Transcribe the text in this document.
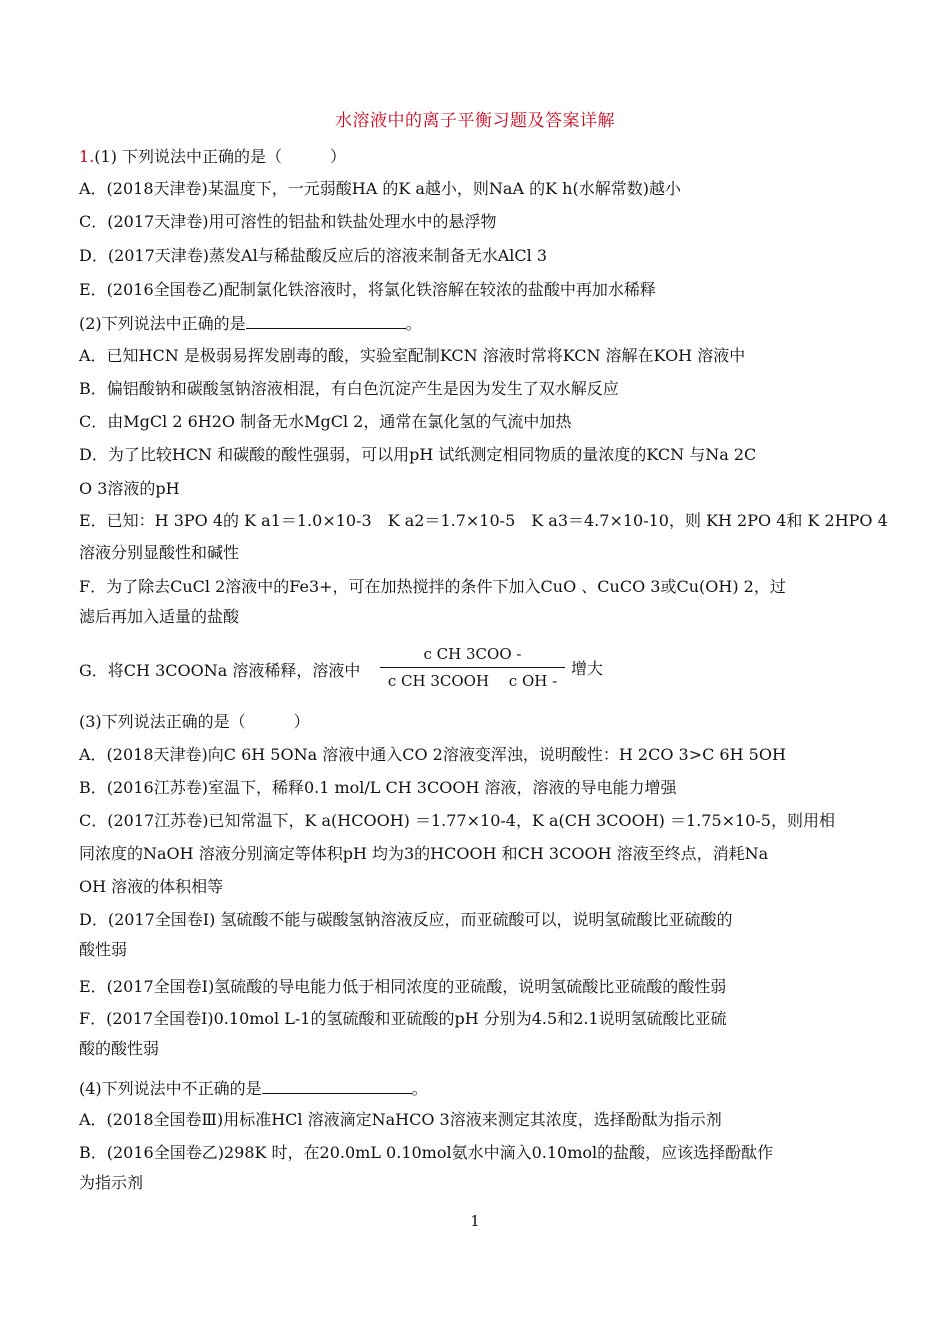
水溶液中的离子平衡习题及答案详解
1.(1) 下列说法中正确的是（　　　）
A．(2018天津卷)某温度下，一元弱酸HA 的K a越小，则NaA 的K h(水解常数)越小
C．(2017天津卷)用可溶性的铝盐和铁盐处理水中的悬浮物
D．(2017天津卷)蒸发Al与稀盐酸反应后的溶液来制备无水AlCl 3
E．(2016全国卷乙)配制氯化铁溶液时，将氯化铁溶解在较浓的盐酸中再加水稀释
(2)下列说法中正确的是	。
A．已知HCN 是极弱易挥发剧毒的酸，实验室配制KCN 溶液时常将KCN 溶解在KOH 溶液中
B．偏铝酸钠和碳酸氢钠溶液相混，有白色沉淀产生是因为发生了双水解反应
C．由MgCl 2 6H2O 制备无水MgCl 2，通常在氯化氢的气流中加热
D．为了比较HCN 和碳酸的酸性强弱，可以用pH 试纸测定相同物质的量浓度的KCN 与Na 2C
O 3溶液的pH
E．已知：H 3PO 4的 K a1＝1.0×10-3　K a2＝1.7×10-5　K a3＝4.7×10-10，则 KH 2PO 4和 K 2HPO 4
溶液分别显酸性和碱性
F．为了除去CuCl 2溶液中的Fe3+，可在加热搅拌的条件下加入CuO 、CuCO 3或Cu(OH) 2，过
滤后再加入适量的盐酸
G．将CH 3COONa 溶液稀释，溶液中
c CH 3COO -
c CH 3COOH　 c OH -
增大
(3)下列说法正确的是（　　　）
A．(2018天津卷)向C 6H 5ONa 溶液中通入CO 2溶液变浑浊，说明酸性：H 2CO 3>C 6H 5OH
B．(2016江苏卷)室温下，稀释0.1 mol/L CH 3COOH 溶液，溶液的导电能力增强
C．(2017江苏卷)已知常温下，K a(HCOOH) ＝1.77×10-4，K a(CH 3COOH) ＝1.75×10-5，则用相
同浓度的NaOH 溶液分别滴定等体积pH 均为3的HCOOH 和CH 3COOH 溶液至终点，消耗Na
OH 溶液的体积相等
D．(2017全国卷Ⅰ) 氢硫酸不能与碳酸氢钠溶液反应，而亚硫酸可以，说明氢硫酸比亚硫酸的
酸性弱
E．(2017全国卷Ⅰ)氢硫酸的导电能力低于相同浓度的亚硫酸，说明氢硫酸比亚硫酸的酸性弱
F．(2017全国卷Ⅰ)0.10mol L-1的氢硫酸和亚硫酸的pH 分别为4.5和2.1说明氢硫酸比亚硫
酸的酸性弱
(4)下列说法中不正确的是	。
A．(2018全国卷Ⅲ)用标准HCl 溶液滴定NaHCO 3溶液来测定其浓度，选择酚酞为指示剂
B．(2016全国卷乙)298K 时，在20.0mL 0.10mol氨水中滴入0.10mol的盐酸，应该选择酚酞作
为指示剂
1
